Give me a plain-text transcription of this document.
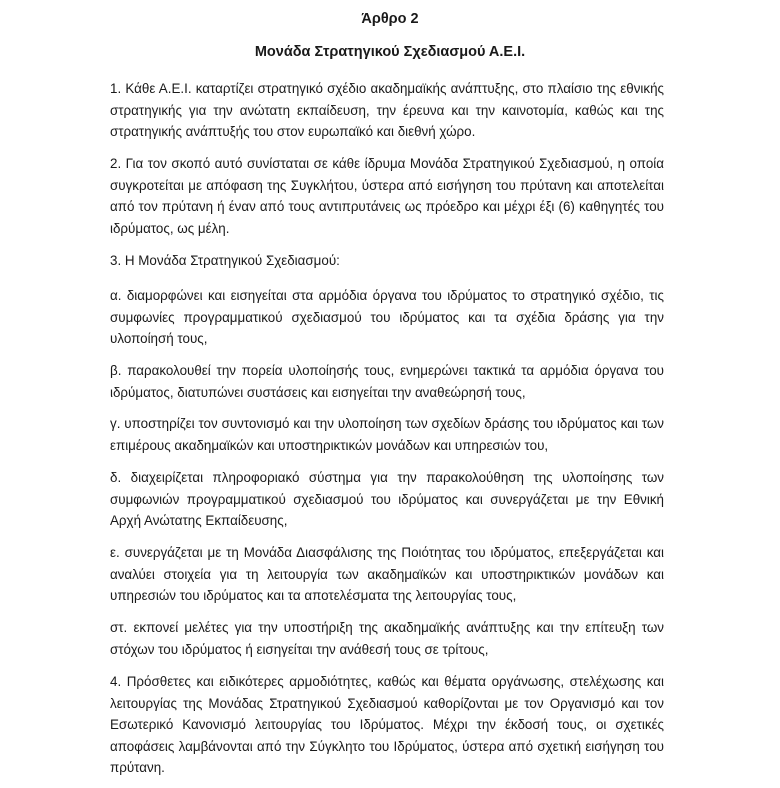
Άρθρο 2
Μονάδα Στρατηγικού Σχεδιασμού Α.Ε.Ι.

1. Κάθε Α.Ε.Ι. καταρτίζει στρατηγικό σχέδιο ακαδημαϊκής ανάπτυξης, στο πλαίσιο της εθνικής στρατηγικής για την ανώτατη εκπαίδευση, την έρευνα και την καινοτομία, καθώς και της στρατηγικής ανάπτυξής του στον ευρωπαϊκό και διεθνή χώρο.

2. Για τον σκοπό αυτό συνίσταται σε κάθε ίδρυμα Μονάδα Στρατηγικού Σχεδιασμού, η οποία συγκροτείται με απόφαση της Συγκλήτου, ύστερα από εισήγηση του πρύτανη και αποτελείται από τον πρύτανη ή έναν από τους αντιπρυτάνεις ως πρόεδρο και μέχρι έξι (6) καθηγητές του ιδρύματος, ως μέλη.

3. Η Μονάδα Στρατηγικού Σχεδιασμού:

α. διαμορφώνει και εισηγείται στα αρμόδια όργανα του ιδρύματος το στρατηγικό σχέδιο, τις συμφωνίες προγραμματικού σχεδιασμού του ιδρύματος και τα σχέδια δράσης για την υλοποίησή τους,

β. παρακολουθεί την πορεία υλοποίησής τους, ενημερώνει τακτικά τα αρμόδια όργανα του ιδρύματος, διατυπώνει συστάσεις και εισηγείται την αναθεώρησή τους,

γ. υποστηρίζει τον συντονισμό και την υλοποίηση των σχεδίων δράσης του ιδρύματος και των επιμέρους ακαδημαϊκών και υποστηρικτικών μονάδων και υπηρεσιών του,

δ. διαχειρίζεται πληροφοριακό σύστημα για την παρακολούθηση της υλοποίησης των συμφωνιών προγραμματικού σχεδιασμού του ιδρύματος και συνεργάζεται με την Εθνική Αρχή Ανώτατης Εκπαίδευσης,

ε. συνεργάζεται με τη Μονάδα Διασφάλισης της Ποιότητας του ιδρύματος, επεξεργάζεται και αναλύει στοιχεία για τη λειτουργία των ακαδημαϊκών και υποστηρικτικών μονάδων και υπηρεσιών του ιδρύματος και τα αποτελέσματα της λειτουργίας τους,

στ. εκπονεί μελέτες για την υποστήριξη της ακαδημαϊκής ανάπτυξης και την επίτευξη των στόχων του ιδρύματος ή εισηγείται την ανάθεσή τους σε τρίτους,

4. Πρόσθετες και ειδικότερες αρμοδιότητες, καθώς και θέματα οργάνωσης, στελέχωσης και λειτουργίας της Μονάδας Στρατηγικού Σχεδιασμού καθορίζονται με τον Οργανισμό και τον Εσωτερικό Κανονισμό λειτουργίας του Ιδρύματος. Μέχρι την έκδοσή τους, οι σχετικές αποφάσεις λαμβάνονται από την Σύγκλητο του Ιδρύματος, ύστερα από σχετική εισήγηση του πρύτανη.
